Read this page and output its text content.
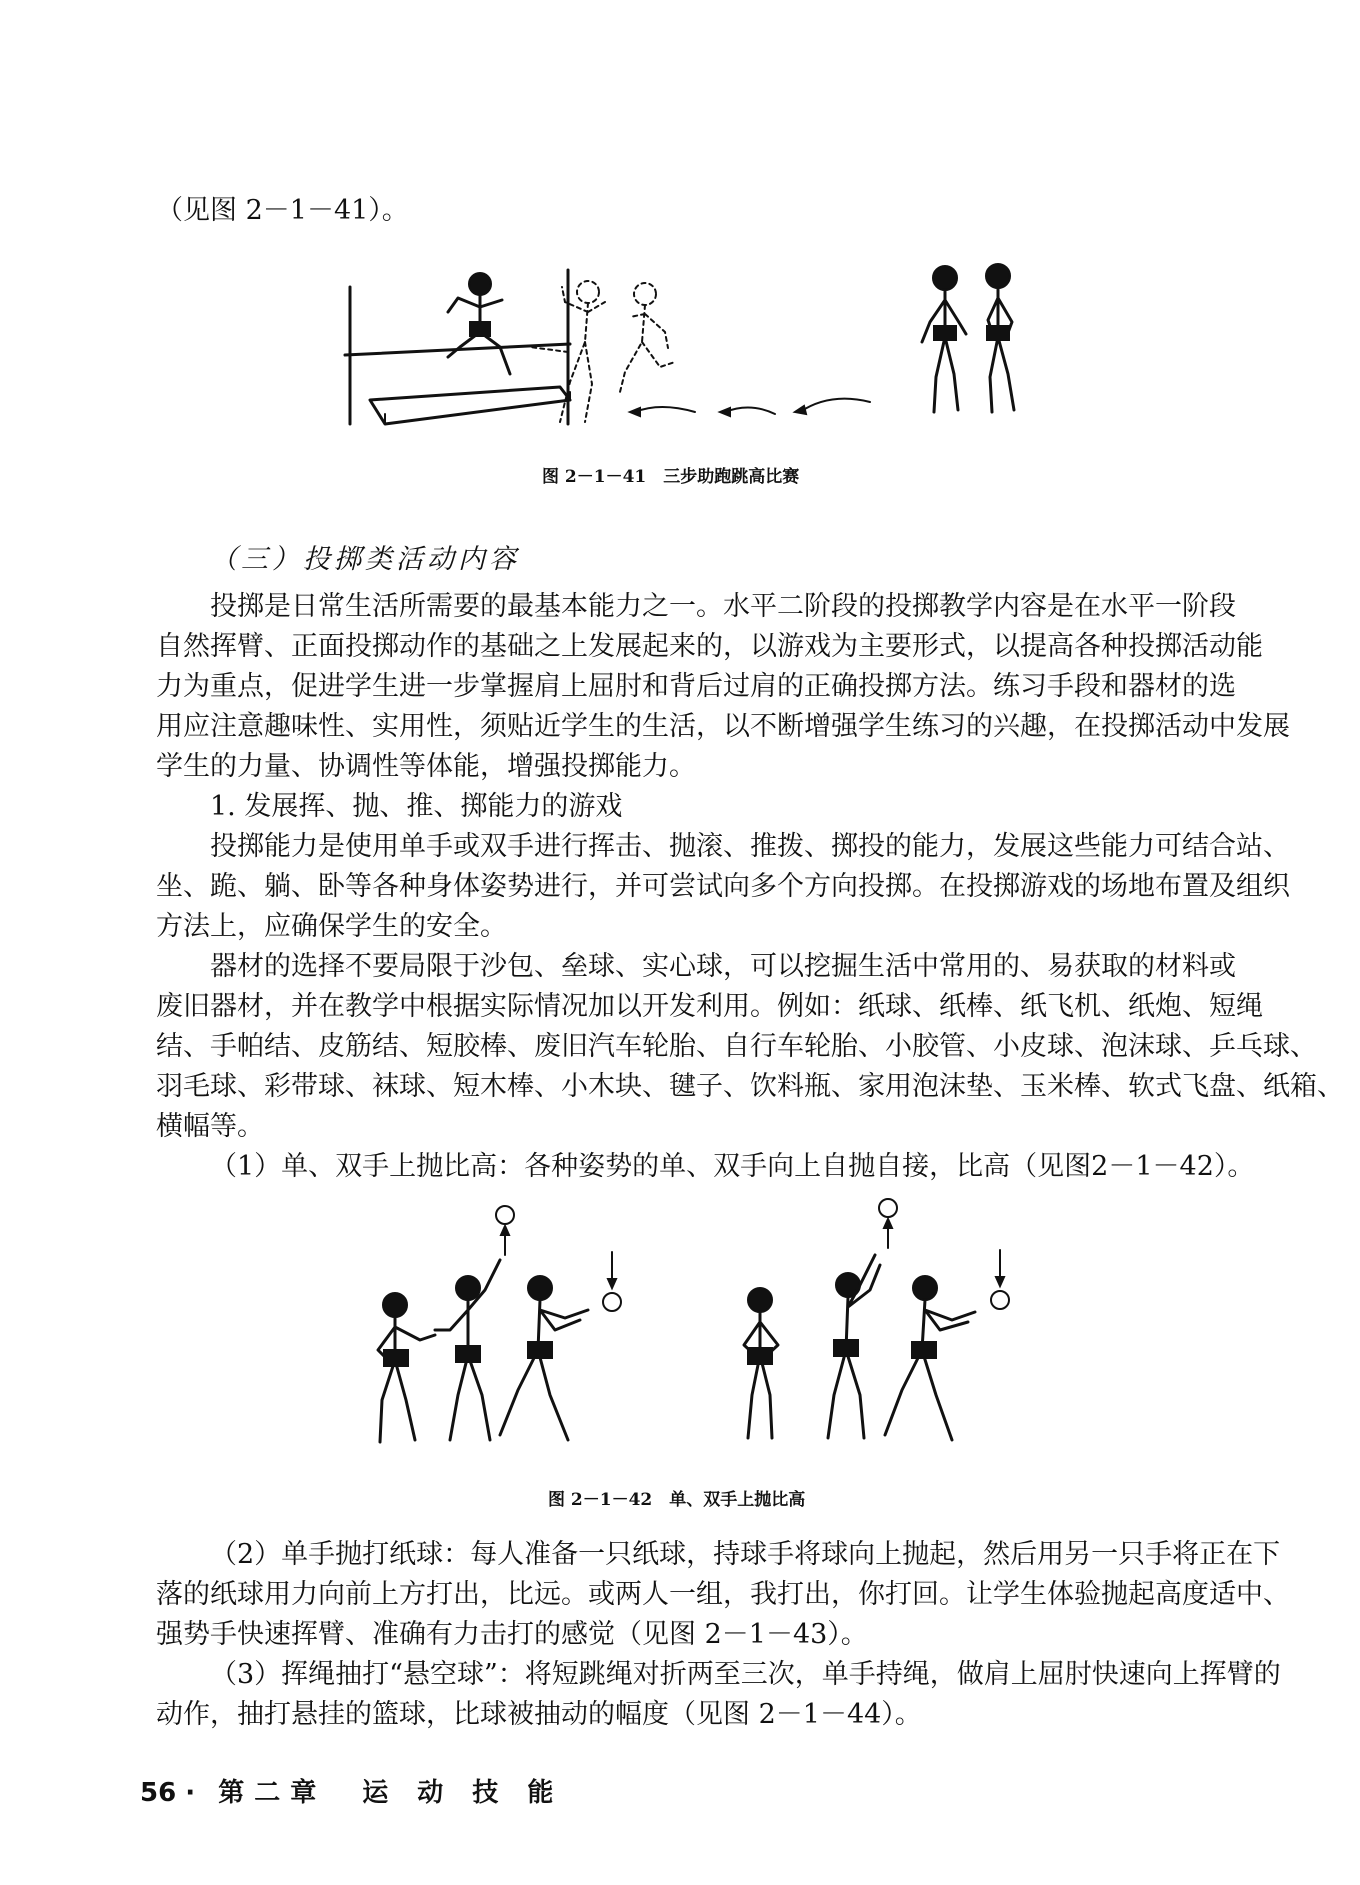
（见图 2－1－41）。
图 2－1－41　三步助跑跳高比赛
（三）投掷类活动内容
投掷是日常生活所需要的最基本能力之一。水平二阶段的投掷教学内容是在水平一阶段
自然挥臂、正面投掷动作的基础之上发展起来的，以游戏为主要形式，以提高各种投掷活动能
力为重点，促进学生进一步掌握肩上屈肘和背后过肩的正确投掷方法。练习手段和器材的选
用应注意趣味性、实用性，须贴近学生的生活，以不断增强学生练习的兴趣，在投掷活动中发展
学生的力量、协调性等体能，增强投掷能力。
1. 发展挥、抛、推、掷能力的游戏
投掷能力是使用单手或双手进行挥击、抛滚、推拨、掷投的能力，发展这些能力可结合站、
坐、跪、躺、卧等各种身体姿势进行，并可尝试向多个方向投掷。在投掷游戏的场地布置及组织
方法上，应确保学生的安全。
器材的选择不要局限于沙包、垒球、实心球，可以挖掘生活中常用的、易获取的材料或
废旧器材，并在教学中根据实际情况加以开发利用。例如：纸球、纸棒、纸飞机、纸炮、短绳
结、手帕结、皮筋结、短胶棒、废旧汽车轮胎、自行车轮胎、小胶管、小皮球、泡沫球、乒乓球、
羽毛球、彩带球、袜球、短木棒、小木块、毽子、饮料瓶、家用泡沫垫、玉米棒、软式飞盘、纸箱、
横幅等。
（1）单、双手上抛比高：各种姿势的单、双手向上自抛自接，比高（见图2－1－42）。
图 2－1－42　单、双手上抛比高
（2）单手抛打纸球：每人准备一只纸球，持球手将球向上抛起，然后用另一只手将正在下
落的纸球用力向前上方打出，比远。或两人一组，我打出，你打回。让学生体验抛起高度适中、
强势手快速挥臂、准确有力击打的感觉（见图 2－1－43）。
（3）挥绳抽打“悬空球”：将短跳绳对折两至三次，单手持绳，做肩上屈肘快速向上挥臂的
动作，抽打悬挂的篮球，比球被抽动的幅度（见图 2－1－44）。
56 · 第二章　运 动 技 能
